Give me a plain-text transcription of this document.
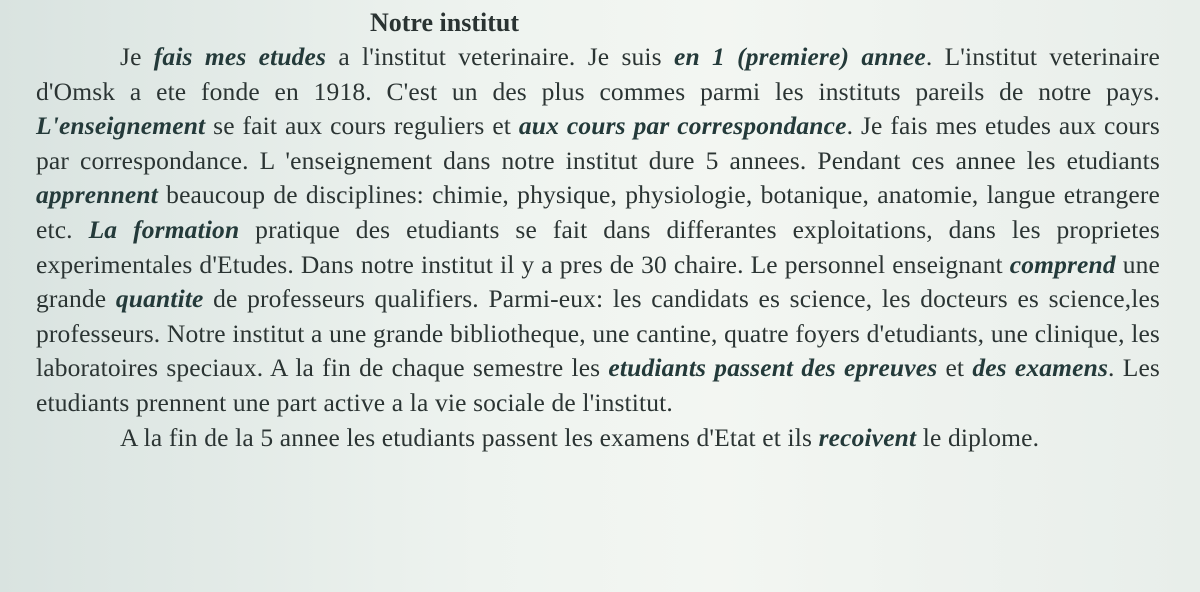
Notre institut
Je fais mes etudes a l'institut veterinaire. Je suis en 1 (premiere) annee. L'institut veterinaire d'Omsk a ete fonde en 1918. C'est un des plus commes parmi les instituts pareils de notre pays. L'enseignement se fait aux cours reguliers et aux cours par correspondance. Je fais mes etudes aux cours par correspondance. L 'enseignement dans notre institut dure 5 annees. Pendant ces annee les etudiants apprennent beaucoup de disciplines: chimie, physique, physiologie, botanique, anatomie, langue etrangere etc. La formation pratique des etudiants se fait dans differantes exploitations, dans les proprietes experimentales d'Etudes. Dans notre institut il y a pres de 30 chaire. Le personnel enseignant comprend une grande quantite de professeurs qualifiers. Parmi-eux: les candidats es science, les docteurs es science,les professeurs. Notre institut a une grande bibliotheque, une cantine, quatre foyers d'etudiants, une clinique, les laboratoires speciaux. A la fin de chaque semestre les etudiants passent des epreuves et des examens. Les etudiants prennent une part active a la vie sociale de l'institut.
A la fin de la 5 annee les etudiants passent les examens d'Etat et ils recoivent le diplome.
